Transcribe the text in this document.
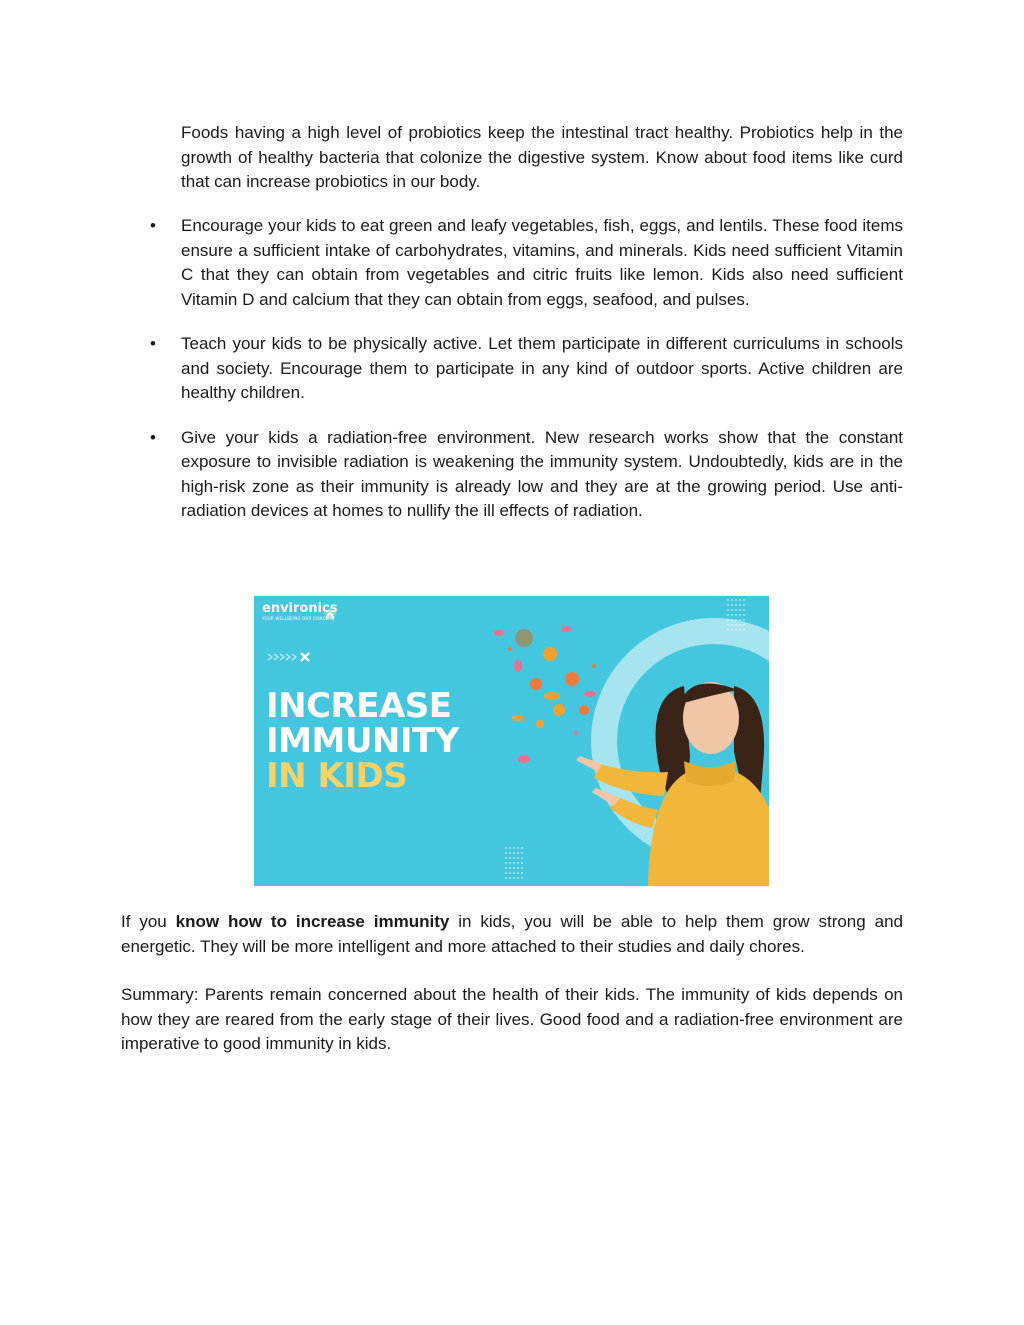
Foods having a high level of probiotics keep the intestinal tract healthy. Probiotics help in the growth of healthy bacteria that colonize the digestive system. Know about food items like curd that can increase probiotics in our body.

• Encourage your kids to eat green and leafy vegetables, fish, eggs, and lentils. These food items ensure a sufficient intake of carbohydrates, vitamins, and minerals. Kids need sufficient Vitamin C that they can obtain from vegetables and citric fruits like lemon. Kids also need sufficient Vitamin D and calcium that they can obtain from eggs, seafood, and pulses.
• Teach your kids to be physically active. Let them participate in different curriculums in schools and society. Encourage them to participate in any kind of outdoor sports. Active children are healthy children.
• Give your kids a radiation-free environment. New research works show that the constant exposure to invisible radiation is weakening the immunity system. Undoubtedly, kids are in the high-risk zone as their immunity is already low and they are at the growing period. Use anti-radiation devices at homes to nullify the ill effects of radiation.
environics
YOUR WELLBEING OUR CONCERN
INCREASE
IMMUNITY
IN KIDS

If you know how to increase immunity in kids, you will be able to help them grow strong and energetic. They will be more intelligent and more attached to their studies and daily chores.

Summary: Parents remain concerned about the health of their kids. The immunity of kids depends on how they are reared from the early stage of their lives. Good food and a radiation-free environment are imperative to good immunity in kids.
